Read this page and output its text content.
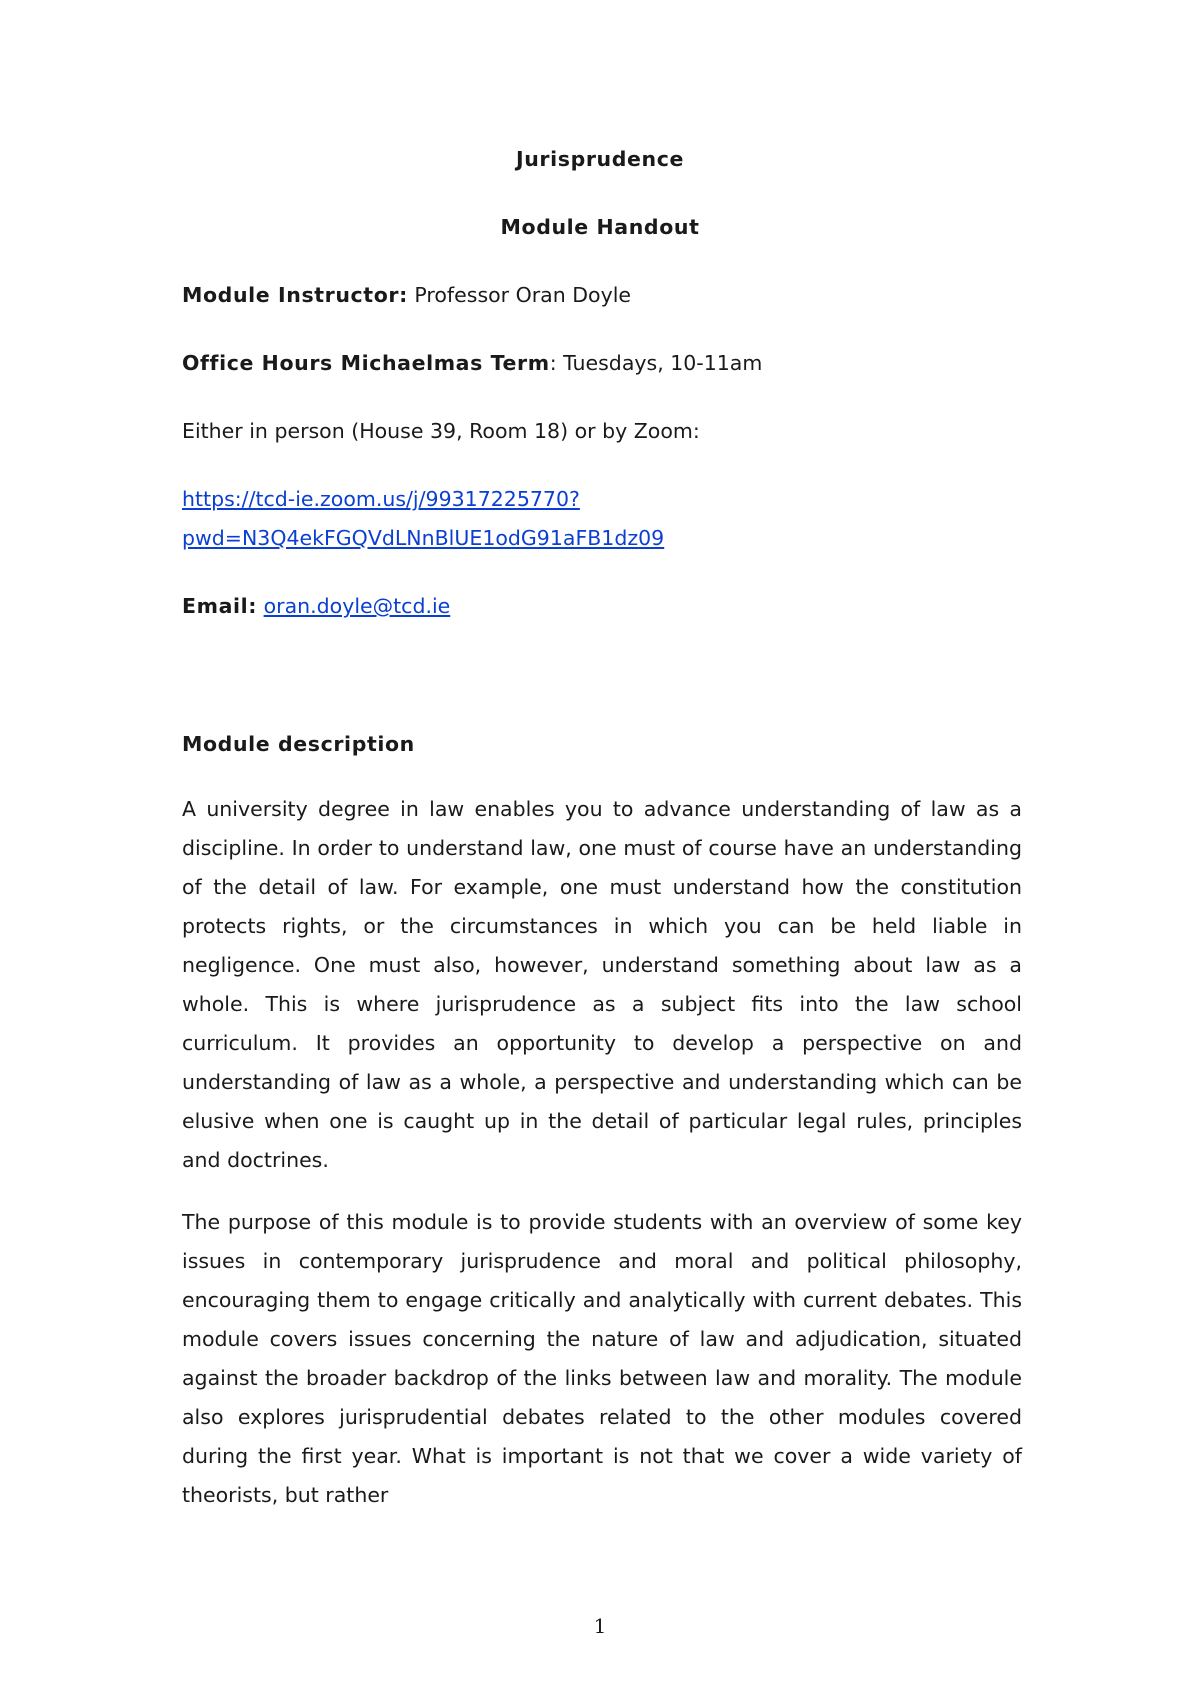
Jurisprudence
Module Handout
Module Instructor: Professor Oran Doyle
Office Hours Michaelmas Term: Tuesdays, 10-11am
Either in person (House 39, Room 18) or by Zoom:
https://tcd-ie.zoom.us/j/99317225770?
pwd=N3Q4ekFGQVdLNnBlUE1odG91aFB1dz09
Email: oran.doyle@tcd.ie
Module description

A university degree in law enables you to advance understanding of law as a discipline. In order to understand law, one must of course have an understanding of the detail of law. For example, one must understand how the constitution protects rights, or the circumstances in which you can be held liable in negligence. One must also, however, understand something about law as a whole. This is where jurisprudence as a subject fits into the law school curriculum. It provides an opportunity to develop a perspective on and understanding of law as a whole, a perspective and understanding which can be elusive when one is caught up in the detail of particular legal rules, principles and doctrines.

The purpose of this module is to provide students with an overview of some key issues in contemporary jurisprudence and moral and political philosophy, encouraging them to engage critically and analytically with current debates. This module covers issues concerning the nature of law and adjudication, situated against the broader backdrop of the links between law and morality. The module also explores jurisprudential debates related to the other modules covered during the first year. What is important is not that we cover a wide variety of theorists, but rather

1
